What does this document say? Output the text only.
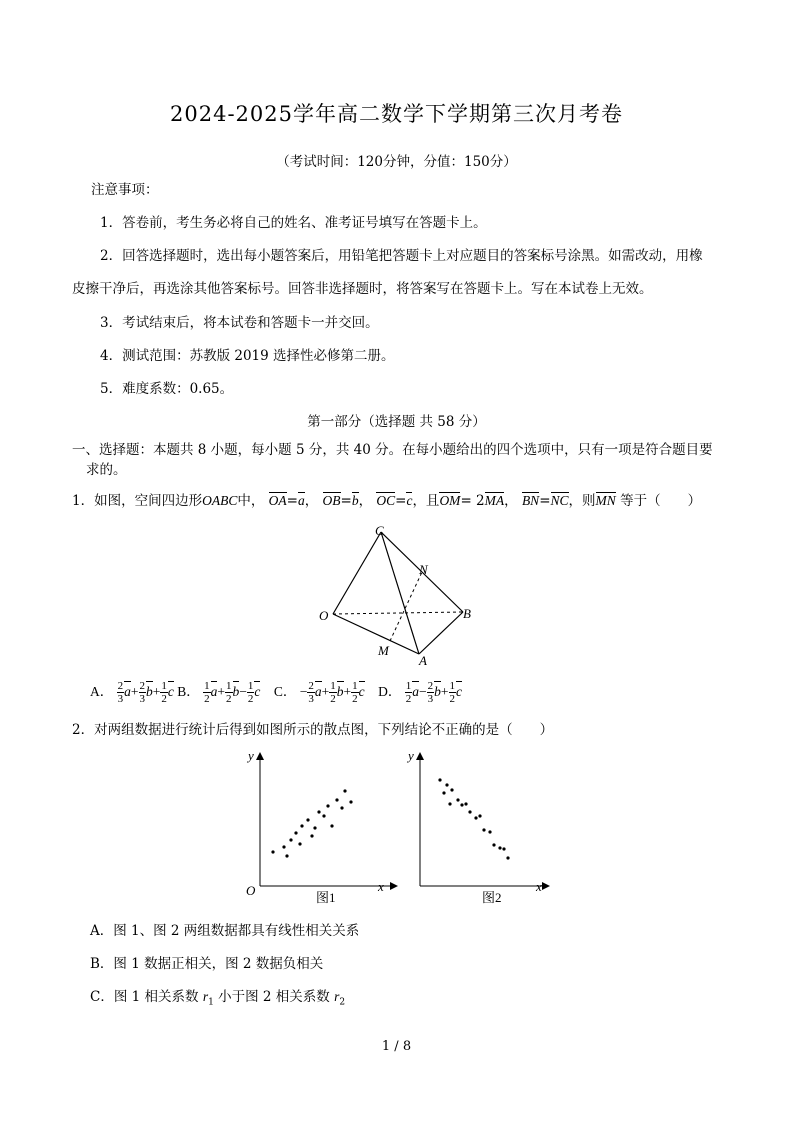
2024-2025学年高二数学下学期第三次月考卷
（考试时间：120分钟，分值：150分）
注意事项：
1．答卷前，考生务必将自己的姓名、准考证号填写在答题卡上。
2．回答选择题时，选出每小题答案后，用铅笔把答题卡上对应题目的答案标号涂黑。如需改动，用橡
皮擦干净后，再选涂其他答案标号。回答非选择题时，将答案写在答题卡上。写在本试卷上无效。
3．考试结束后，将本试卷和答题卡一并交回。
4．测试范围：苏教版 2019 选择性必修第二册。
5．难度系数：0.65。
第一部分（选择题 共 58 分）
一、选择题：本题共 8 小题，每小题 5 分，共 40 分。在每小题给出的四个选项中，只有一项是符合题目要
求的。
1．如图，空间四边形OABC中， OA=a， OB=b， OC=c，且OM= 2MA， BN=NC，则MN 等于（　　）
C
N
O	B
M
A
A． $\frac{2}{3} a+ \frac{2}{3} b+ \frac{1}{2}$ c B． $\frac{1}{2} a+ \frac{1}{2} b- \frac{1}{2}$ c C． − $\frac{2}{3} a+ \frac{1}{2} b+ \frac{1}{2}$ c D． $\frac{1}{2} a- \frac{2}{3} b+ \frac{1}{2}$ c
2．对两组数据进行统计后得到如图所示的散点图，下列结论不正确的是（　　）
y
x
O	图1
y
x
图2
A．图 1、图 2 两组数据都具有线性相关关系
B．图 1 数据正相关，图 2 数据负相关
C．图 1 相关系数 $r_1$ 小于图 2 相关系数 $r_2$
1 / 8
